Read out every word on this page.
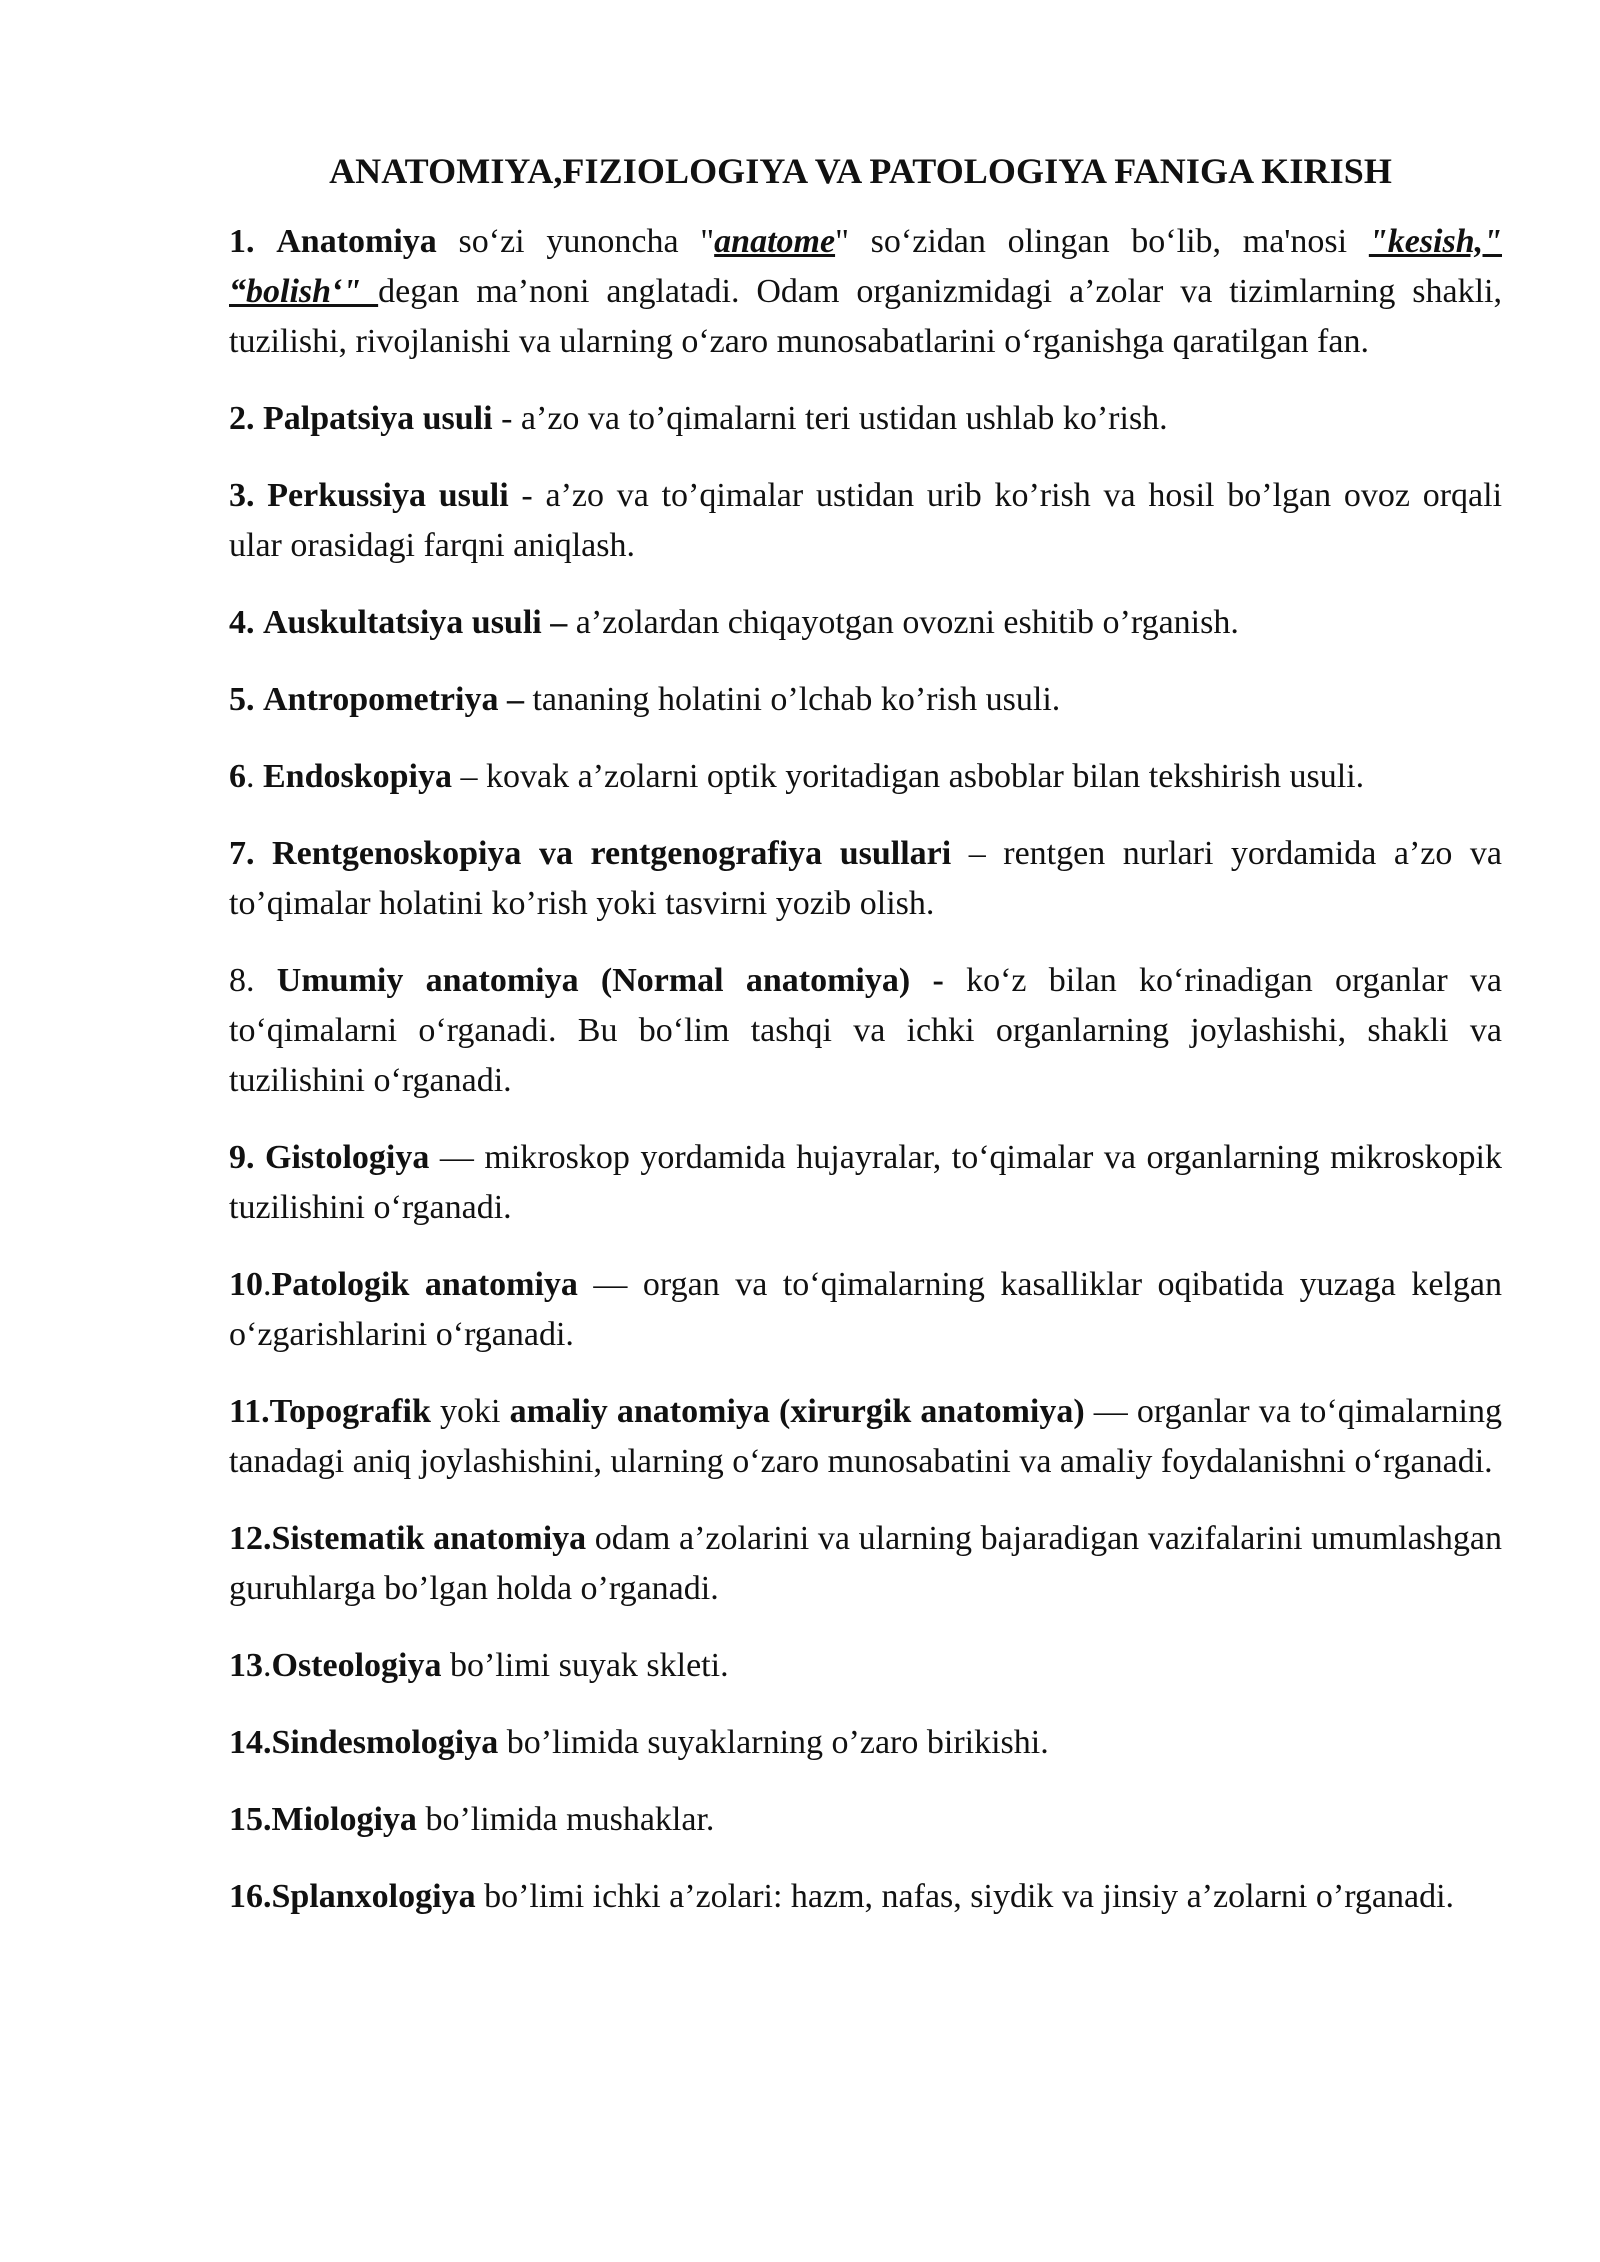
ANATOMIYA,FIZIOLOGIYA VA PATOLOGIYA FANIGA KIRISH

1. Anatomiya so‘zi yunoncha "anatome" so‘zidan olingan bo‘lib, ma'nosi "kesish," “bolish‘" degan ma’noni anglatadi. Odam organizmidagi a’zolar va tizimlarning shakli, tuzilishi, rivojlanishi va ularning o‘zaro munosabatlarini o‘rganishga qaratilgan fan.

2. Palpatsiya usuli - a’zo va to’qimalarni teri ustidan ushlab ko’rish.

3. Perkussiya usuli - a’zo va to’qimalar ustidan urib ko’rish va hosil bo’lgan ovoz orqali ular orasidagi farqni aniqlash.

4. Auskultatsiya usuli – a’zolardan chiqayotgan ovozni eshitib o’rganish.

5. Antropometriya – tananing holatini o’lchab ko’rish usuli.

6. Endoskopiya – kovak a’zolarni optik yoritadigan asboblar bilan tekshirish usuli.

7. Rentgenoskopiya va rentgenografiya usullari – rentgen nurlari yordamida a’zo va to’qimalar holatini ko’rish yoki tasvirni yozib olish.

8. Umumiy anatomiya (Normal anatomiya) - ko‘z bilan ko‘rinadigan organlar va to‘qimalarni o‘rganadi. Bu bo‘lim tashqi va ichki organlarning joylashishi, shakli va tuzilishini o‘rganadi.

9. Gistologiya — mikroskop yordamida hujayralar, to‘qimalar va organlarning mikroskopik tuzilishini o‘rganadi.

10.Patologik anatomiya — organ va to‘qimalarning kasalliklar oqibatida yuzaga kelgan o‘zgarishlarini o‘rganadi.

11.Topografik yoki amaliy anatomiya (xirurgik anatomiya) — organlar va to‘qimalarning tanadagi aniq joylashishini, ularning o‘zaro munosabatini va amaliy foydalanishni o‘rganadi.

12.Sistematik anatomiya odam a’zolarini va ularning bajaradigan vazifalarini umumlashgan guruhlarga bo’lgan holda o’rganadi.

13.Osteologiya bo’limi suyak skleti.

14.Sindesmologiya bo’limida suyaklarning o’zaro birikishi.

15.Miologiya bo’limida mushaklar.

16.Splanxologiya bo’limi ichki a’zolari: hazm, nafas, siydik va jinsiy a’zolarni o’rganadi.
